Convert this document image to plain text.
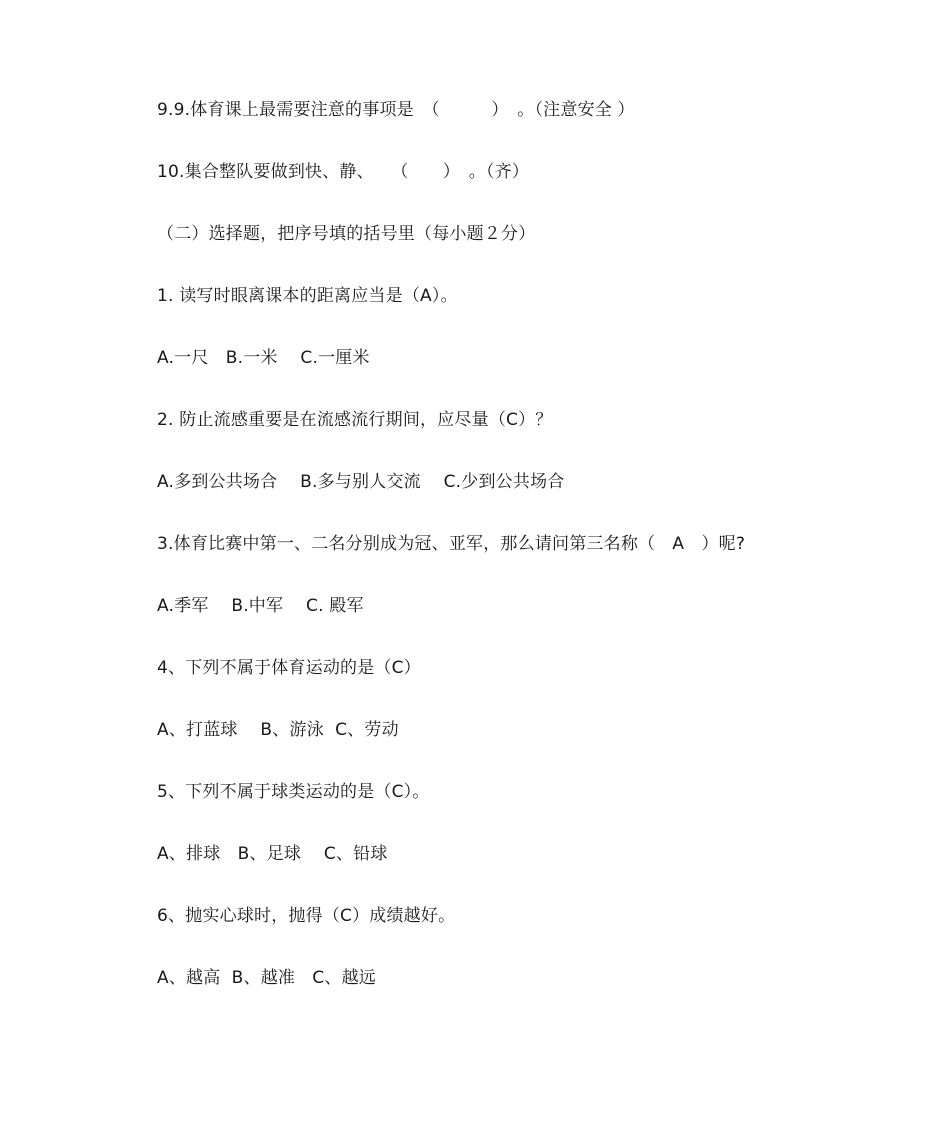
9.9.体育课上最需要注意的事项是　（　　　）　。（注意安全 ）
10.集合整队要做到快、静、　　（　　）　。（齐）
（二）选择题，把序号填的括号里（每小题２分）
1. 读写时眼离课本的距离应当是（A）。
A.一尺　B.一米　 C.一厘米
2. 防止流感重要是在流感流行期间，应尽量（C）？
A.多到公共场合　 B.多与别人交流　 C.少到公共场合
3.体育比赛中第一、二名分别成为冠、亚军，那么请问第三名称（　A　）呢?
A.季军　 B.中军　 C. 殿军
4、下列不属于体育运动的是（C）
A、打蓝球　 B、游泳  C、劳动
5、下列不属于球类运动的是（C）。
A、排球　B、足球　 C、铅球
6、抛实心球时，抛得（C）成绩越好。
A、越高  B、越准　C、越远
